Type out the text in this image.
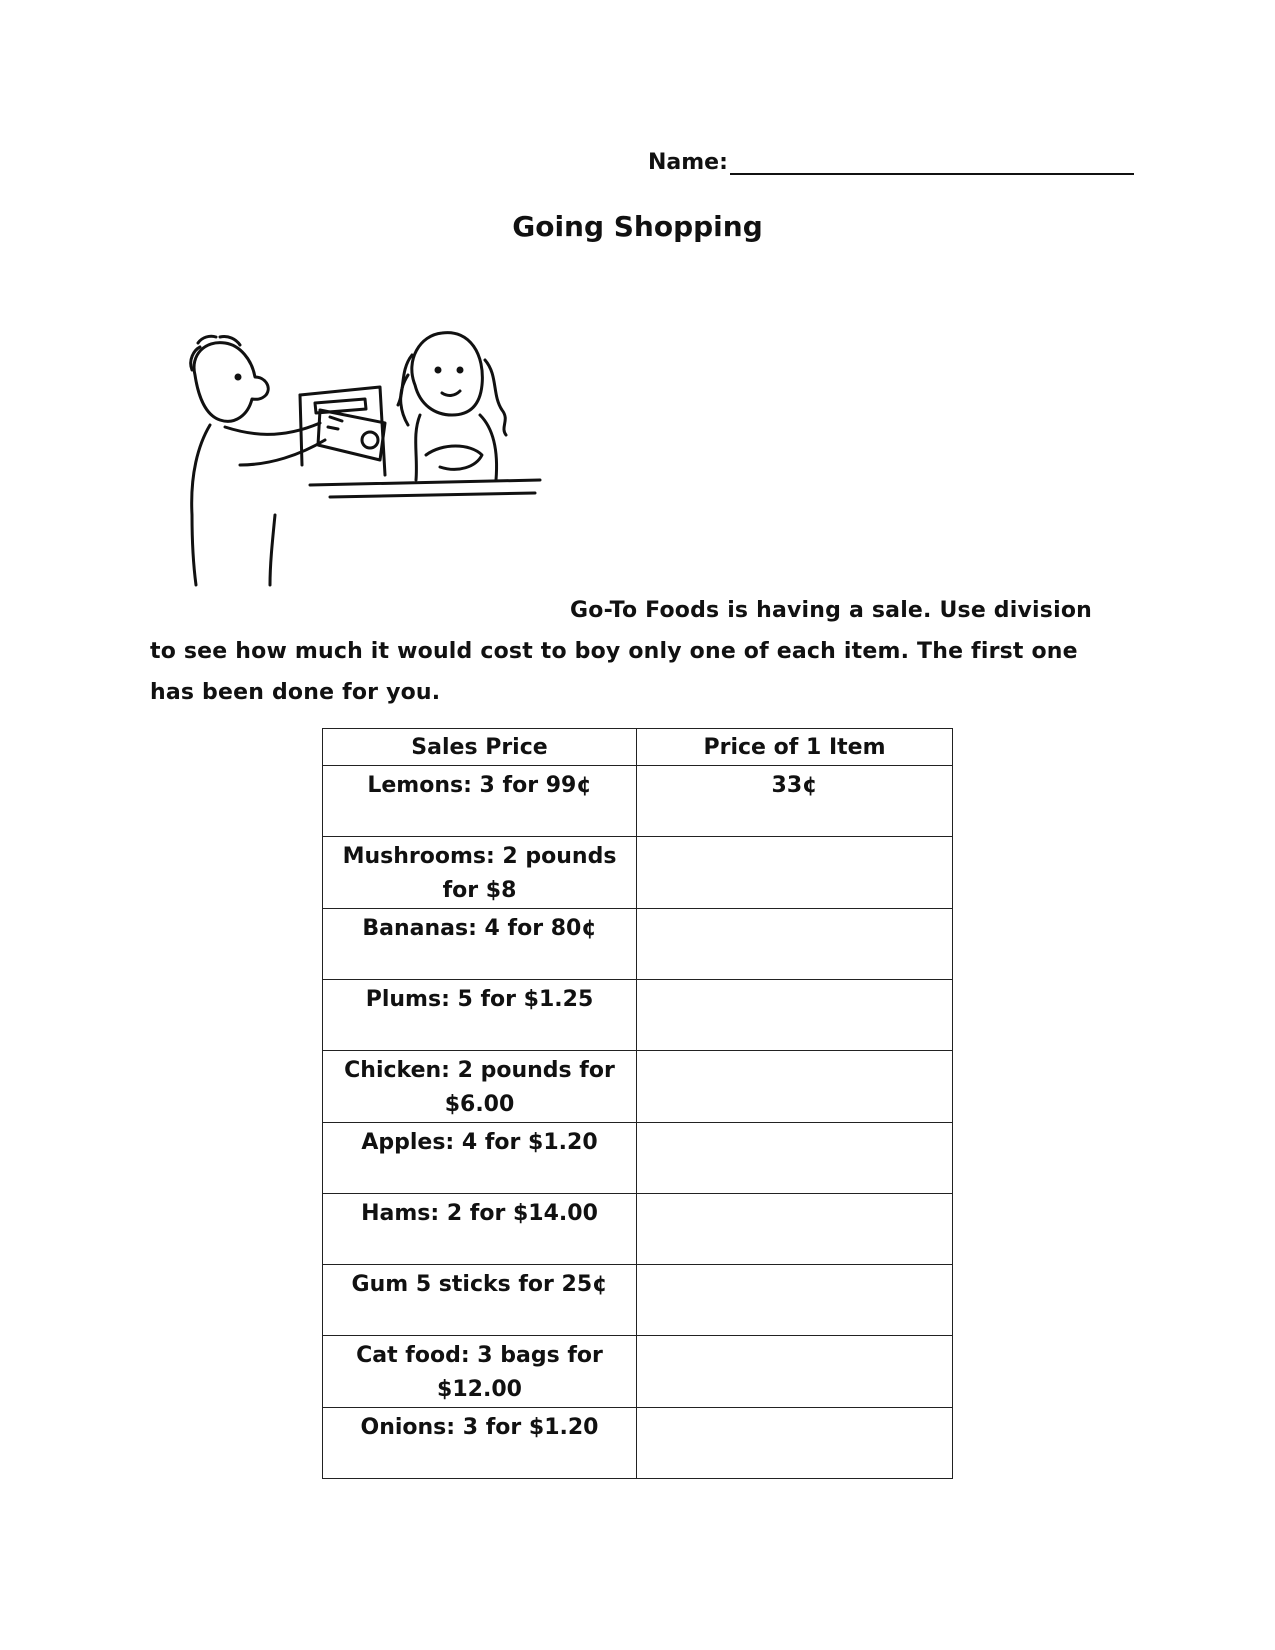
Name:
Going Shopping
Go-To Foods is having a sale. Use division to see how much it would cost to boy only one of each item. The first one has been done for you.
Sales Price	Price of 1 Item
Lemons: 3 for 99¢	33¢
Mushrooms: 2 pounds for $8	
Bananas: 4 for 80¢	
Plums: 5 for $1.25	
Chicken: 2 pounds for $6.00	
Apples: 4 for $1.20	
Hams: 2 for $14.00	
Gum 5 sticks for 25¢	
Cat food: 3 bags for $12.00	
Onions: 3 for $1.20	
